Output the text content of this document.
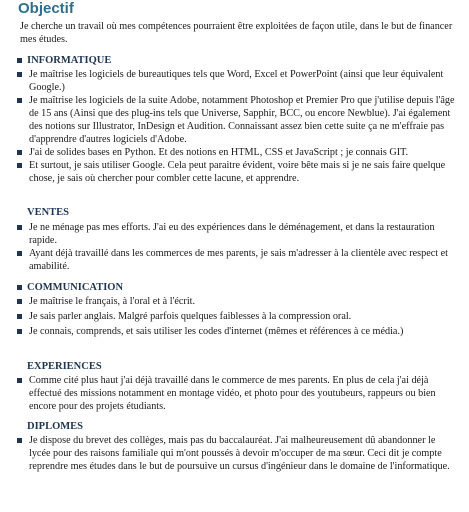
Objectif
Je cherche un travail où mes compétences pourraient être exploitées de façon utile, dans le but de financer mes études.
INFORMATIQUE
Je maîtrise les logiciels de bureautiques tels que Word, Excel et PowerPoint (ainsi que leur équivalent Google.)
Je maîtrise les logiciels de la suite Adobe, notamment Photoshop et Premier Pro que j'utilise depuis l'âge de 15 ans (Ainsi que des plug-ins tels que Universe, Sapphir, BCC, ou encore Newblue). J'ai également des notions sur Illustrator, InDesign et Audition. Connaissant assez bien cette suite ça ne m'effraie pas d'apprendre d'autres logiciels d'Adobe.
J'ai de solides bases en Python. Et des notions en HTML, CSS et JavaScript ; je connais GIT.
Et surtout, je sais utiliser Google. Cela peut paraitre évident, voire bête mais si je ne sais faire quelque chose, je sais où chercher pour combler cette lacune, et apprendre.
VENTES
Je ne ménage pas mes efforts. J'ai eu des expériences dans le déménagement, et dans la restauration rapide.
Ayant déjà travaillé dans les commerces de mes parents, je sais m'adresser à la clientèle avec respect et amabilité.
COMMUNICATION
Je maîtrise le français, à l'oral et à l'écrit.
Je sais parler anglais. Malgré parfois quelques faiblesses à la compression oral.
Je connais, comprends, et sais utiliser les codes d'internet (mêmes et références à ce média.)
EXPERIENCES
Comme cité plus haut j'ai déjà travaillé dans le commerce de mes parents. En plus de cela j'ai déjà effectué des missions notamment en montage vidéo, et photo pour des youtubeurs, rappeurs ou bien encore pour des projets étudiants.
DIPLOMES
Je dispose du brevet des collèges, mais pas du baccalauréat. J'ai malheureusement dû abandonner le lycée pour des raisons familiale qui m'ont poussés à devoir m'occuper de ma sœur. Ceci dit je compte reprendre mes études dans le but de poursuive un cursus d'ingénieur dans le domaine de l'informatique.
